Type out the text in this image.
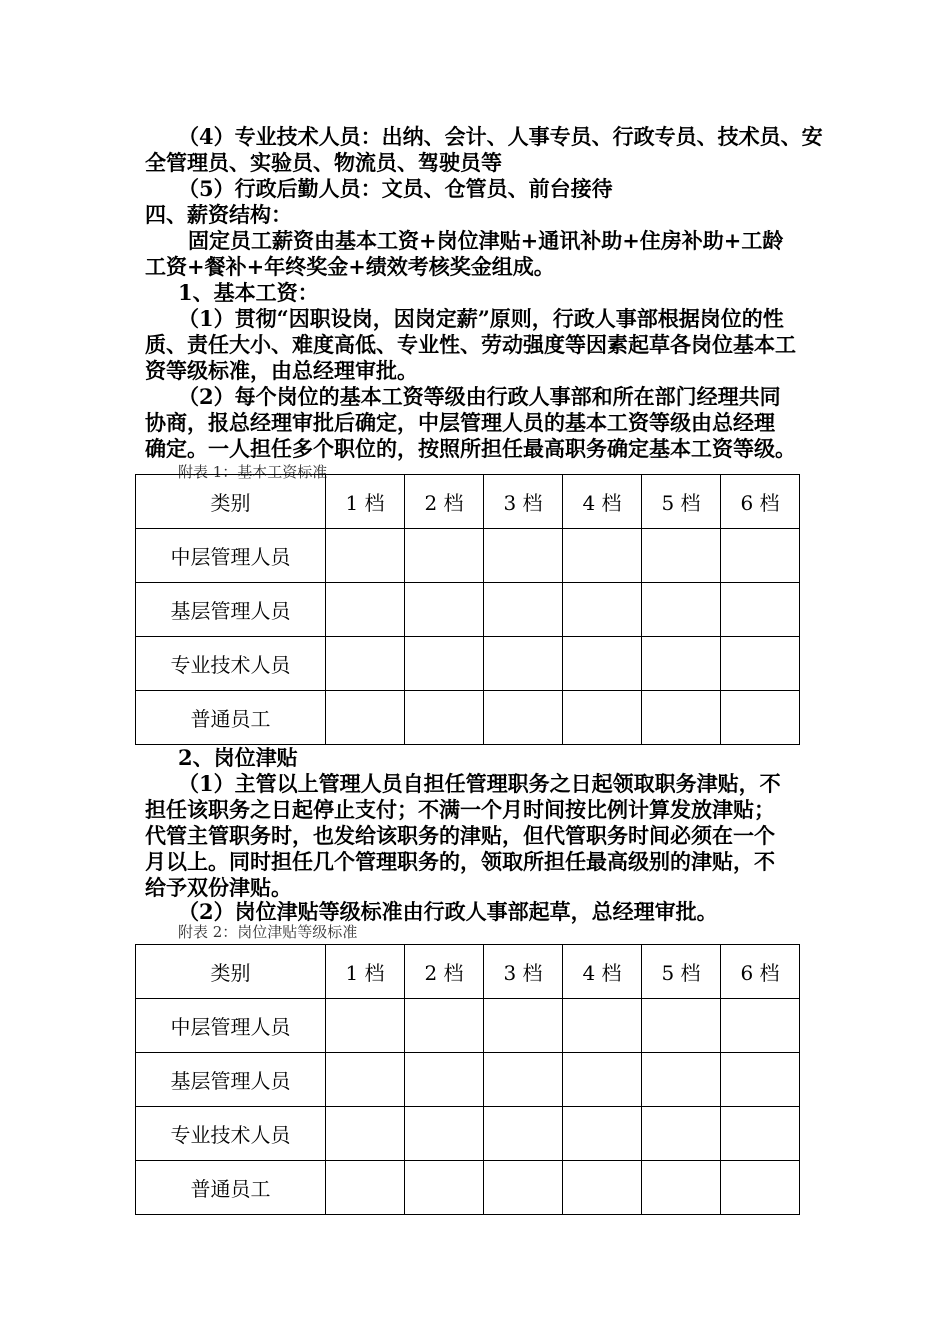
（4）专业技术人员：出纳、会计、人事专员、行政专员、技术员、安
全管理员、实验员、物流员、驾驶员等
（5）行政后勤人员：文员、仓管员、前台接待
四、薪资结构：
固定员工薪资由基本工资+岗位津贴+通讯补助+住房补助+工龄
工资+餐补+年终奖金+绩效考核奖金组成。
1、基本工资：
（1）贯彻“因职设岗，因岗定薪”原则，行政人事部根据岗位的性
质、责任大小、难度高低、专业性、劳动强度等因素起草各岗位基本工
资等级标准，由总经理审批。
（2）每个岗位的基本工资等级由行政人事部和所在部门经理共同
协商，报总经理审批后确定，中层管理人员的基本工资等级由总经理
确定。一人担任多个职位的，按照所担任最高职务确定基本工资等级。
附表 1：基本工资标准
类别	1 档	2 档	3 档	4 档	5 档	6 档
中层管理人员						
基层管理人员						
专业技术人员						
普通员工						
2、岗位津贴
（1）主管以上管理人员自担任管理职务之日起领取职务津贴，不
担任该职务之日起停止支付；不满一个月时间按比例计算发放津贴；
代管主管职务时，也发给该职务的津贴，但代管职务时间必须在一个
月以上。同时担任几个管理职务的，领取所担任最高级别的津贴，不
给予双份津贴。
（2）岗位津贴等级标准由行政人事部起草，总经理审批。
附表 2：岗位津贴等级标准
类别	1 档	2 档	3 档	4 档	5 档	6 档
中层管理人员						
基层管理人员						
专业技术人员						
普通员工						
